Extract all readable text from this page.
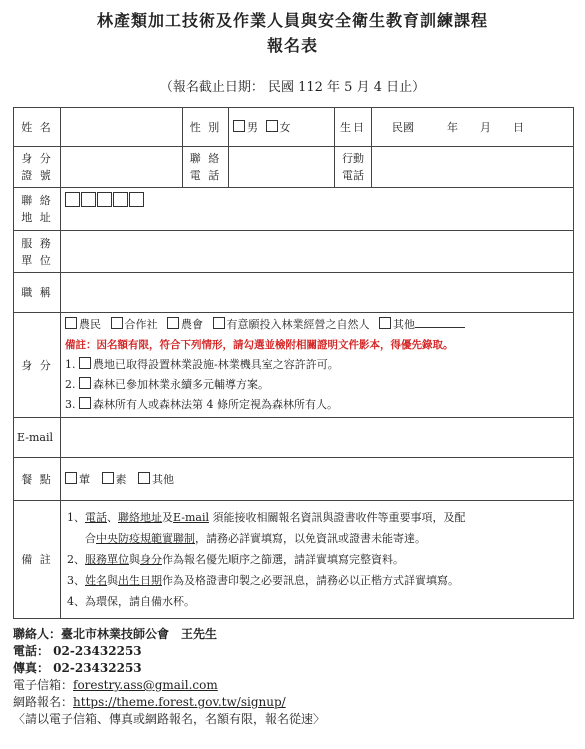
林產類加工技術及作業人員與安全衛生教育訓練課程
報名表
（報名截止日期： 民國 112 年 5 月 4 日止）
姓 名		性 別	男 女	生日	民國　　　年　　月　　日
身 分 證 號		聯 絡 電 話		行動 電話	
聯 絡 地 址					
服 務 單 位					
職 稱					
身 分	農民 合作社 農會 有意願投入林業經營之自然人 其他

備註：因名額有限，符合下列情形，請勾選並檢附相關證明文件影本，得優先錄取。

1. 農地已取得設置林業設施-林業機具室之容許許可。

2. 森林已參加林業永續多元輔導方案。

3. 森林所有人或森林法第 4 條所定視為森林所有人。				

E-mail					
餐 點	葷 素 其他				
備 註	1、電話、聯絡地址及E-mail 須能接收相關報名資訊與證書收件等重要事項，及配

合中央防疫規範實聯制，請務必詳實填寫，以免資訊或證書未能寄達。

2、服務單位與身分作為報名優先順序之篩選，請詳實填寫完整資料。

3、姓名與出生日期作為及格證書印製之必要訊息，請務必以正楷方式詳實填寫。

4、為環保，請自備水杯。				

聯絡人：臺北市林業技師公會　王先生
電話： 02-23432253
傳真： 02-23432253
電子信箱：forestry.ass@gmail.com
網路報名：https://theme.forest.gov.tw/signup/
〈請以電子信箱、傳真或網路報名，名額有限，報名從速〉
